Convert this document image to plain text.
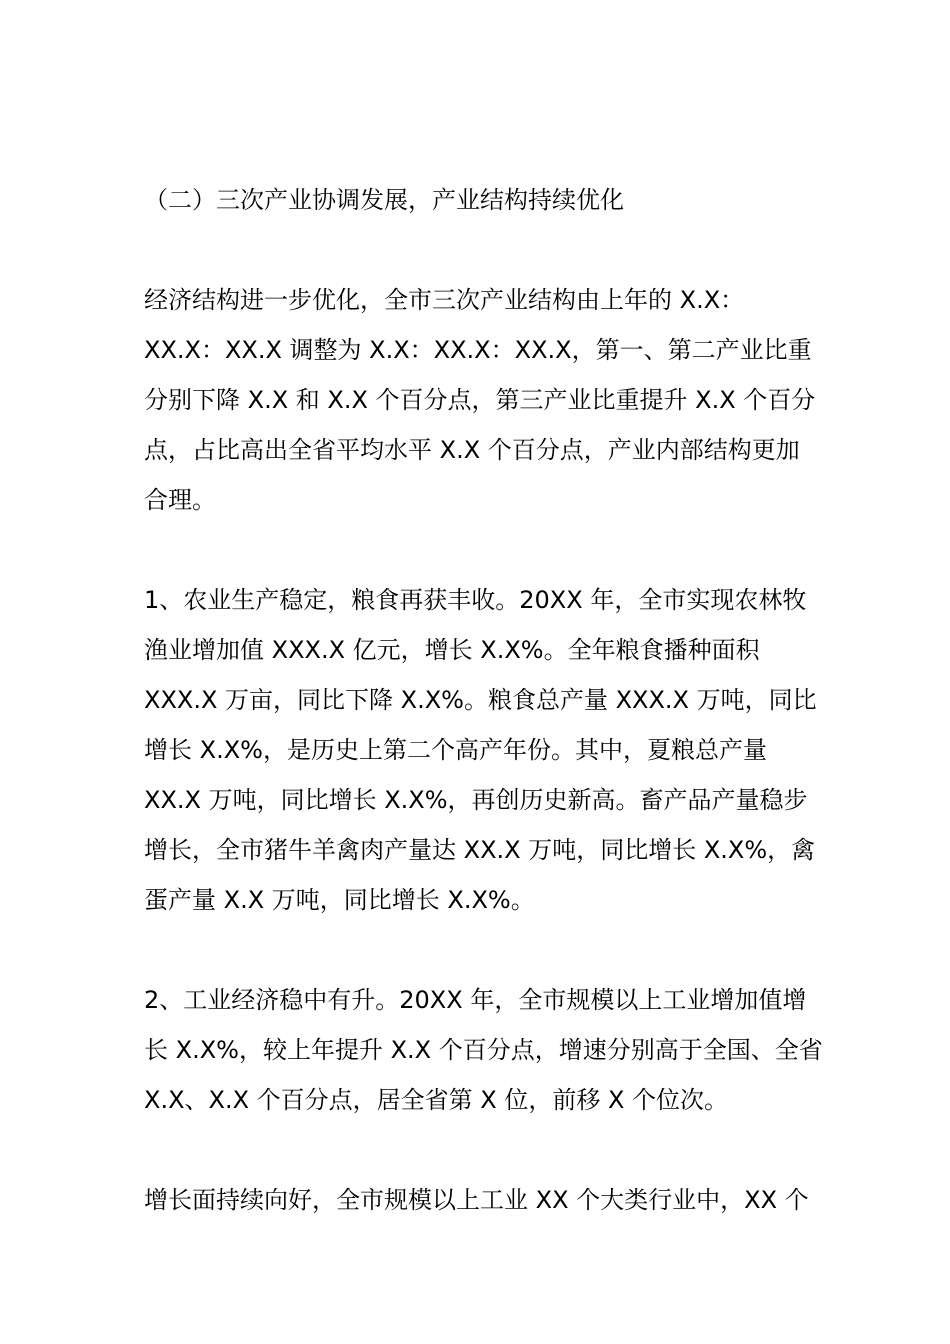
（二）三次产业协调发展，产业结构持续优化
经济结构进一步优化，全市三次产业结构由上年的 X.X：
XX.X：XX.X 调整为 X.X：XX.X：XX.X，第一、第二产业比重
分别下降 X.X 和 X.X 个百分点，第三产业比重提升 X.X 个百分
点，占比高出全省平均水平 X.X 个百分点，产业内部结构更加
合理。
1、农业生产稳定，粮食再获丰收。20XX 年，全市实现农林牧
渔业增加值 XXX.X 亿元，增长 X.X%。全年粮食播种面积
XXX.X 万亩，同比下降 X.X%。粮食总产量 XXX.X 万吨，同比
增长 X.X%，是历史上第二个高产年份。其中，夏粮总产量
XX.X 万吨，同比增长 X.X%，再创历史新高。畜产品产量稳步
增长，全市猪牛羊禽肉产量达 XX.X 万吨，同比增长 X.X%，禽
蛋产量 X.X 万吨，同比增长 X.X%。
2、工业经济稳中有升。20XX 年，全市规模以上工业增加值增
长 X.X%，较上年提升 X.X 个百分点，增速分别高于全国、全省
X.X、X.X 个百分点，居全省第 X 位，前移 X 个位次。
增长面持续向好，全市规模以上工业 XX 个大类行业中，XX 个
